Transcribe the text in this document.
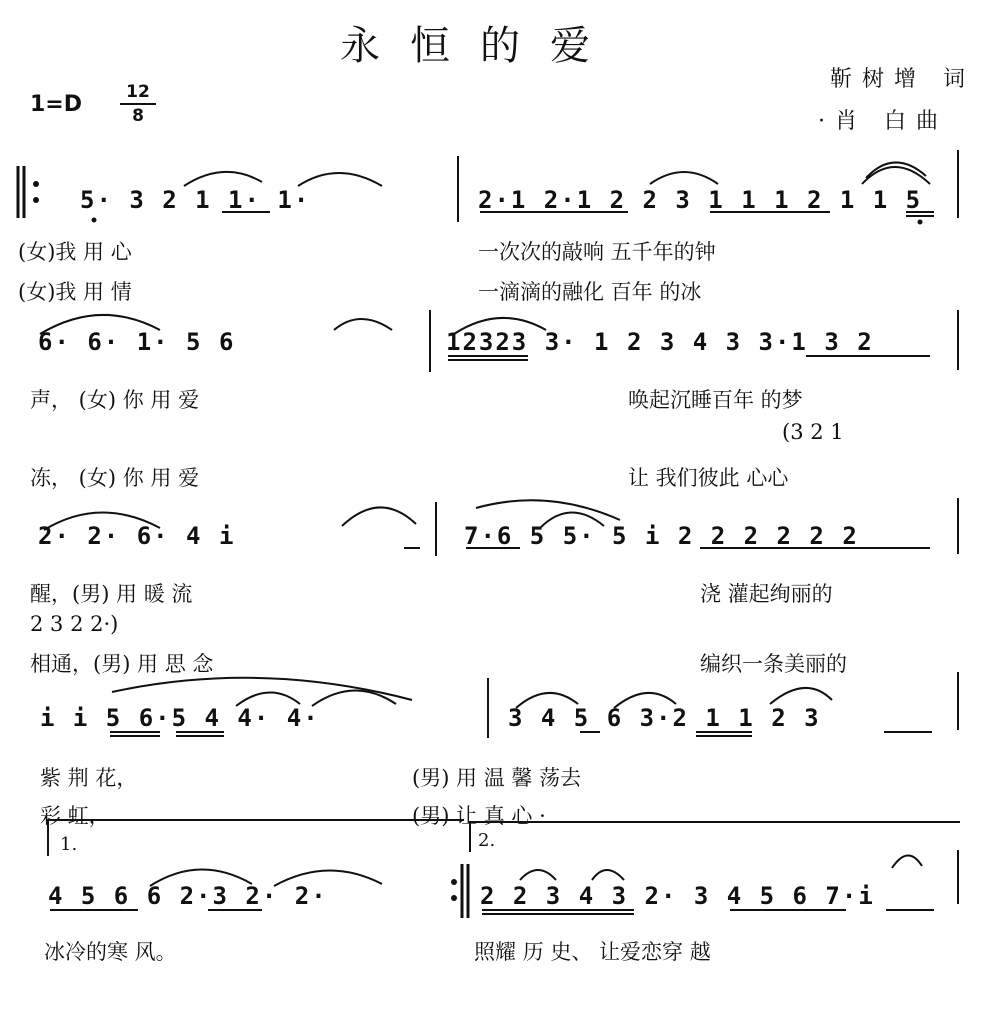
永恒的爱
靳树增 词
·肖 白曲
1=D	12
8
5· 3 2 1 1· 1·	2·1 2·1 2 2 3 1 1 1 2 1 1 5
(女)我 用 心	一次次的敲响 五千年的钟
(女)我 用 情	一滴滴的融化 百年 的冰
6· 6· 1· 5 6	12323 3· 1 2 3 4 3 3·1 3 2
声， (女) 你 用 爱	唤起沉睡百年 的梦
(3 2 1
冻， (女) 你 用 爱	让 我们彼此 心心
2· 2· 6· 4 i	7·6 5 5· 5 i 2 2 2 2 2 2
醒，(男) 用 暖 流	浇 灌起绚丽的
2 3 2 2·)
相通，(男) 用 思 念	编织一条美丽的
i i 5 6·5 4 4· 4·	3 4 5 6 3·2 1 1 2 3
紫 荆 花，	(男) 用 温 馨 荡去
彩 虹，	(男) 让 真 心 ·
1.	2.
4 5 6 6 2·3 2· 2·	2 2 3 4 3 2· 3 4 5 6 7·i
冰冷的寒 风。	照耀 历 史、 让爱恋穿 越
